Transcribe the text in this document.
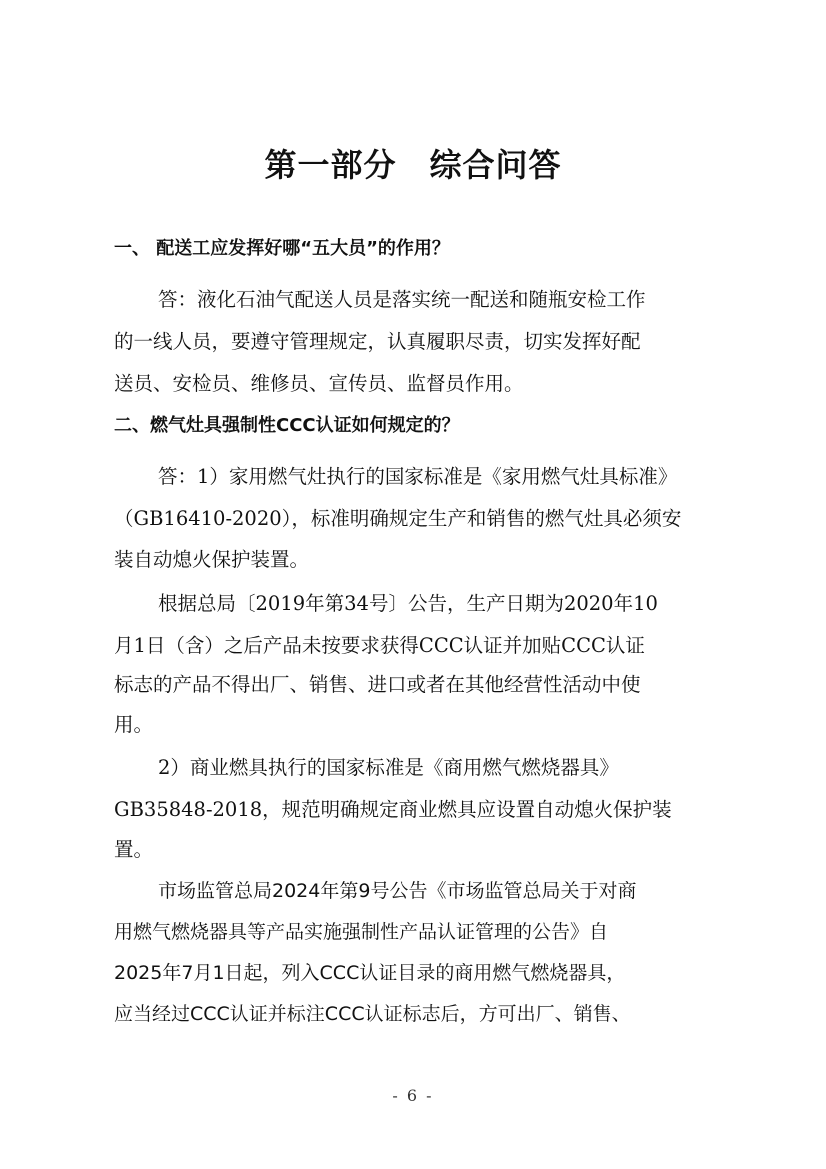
第一部分　综合问答
一、 配送工应发挥好哪“五大员”的作用？
答：液化石油气配送人员是落实统一配送和随瓶安检工作
的一线人员，要遵守管理规定，认真履职尽责，切实发挥好配
送员、安检员、维修员、宣传员、监督员作用。
二、燃气灶具强制性CCC认证如何规定的？
答：1）家用燃气灶执行的国家标准是《家用燃气灶具标准》
（GB16410-2020），标准明确规定生产和销售的燃气灶具必须安
装自动熄火保护装置。
根据总局〔2019年第34号〕公告，生产日期为2020年10
月1日（含）之后产品未按要求获得CCC认证并加贴CCC认证
标志的产品不得出厂、销售、进口或者在其他经营性活动中使
用。
2）商业燃具执行的国家标准是《商用燃气燃烧器具》
GB35848-2018，规范明确规定商业燃具应设置自动熄火保护装
置。
市场监管总局2024年第9号公告《市场监管总局关于对商
用燃气燃烧器具等产品实施强制性产品认证管理的公告》自
2025年7月1日起，列入CCC认证目录的商用燃气燃烧器具，
应当经过CCC认证并标注CCC认证标志后，方可出厂、销售、
- 6 -
